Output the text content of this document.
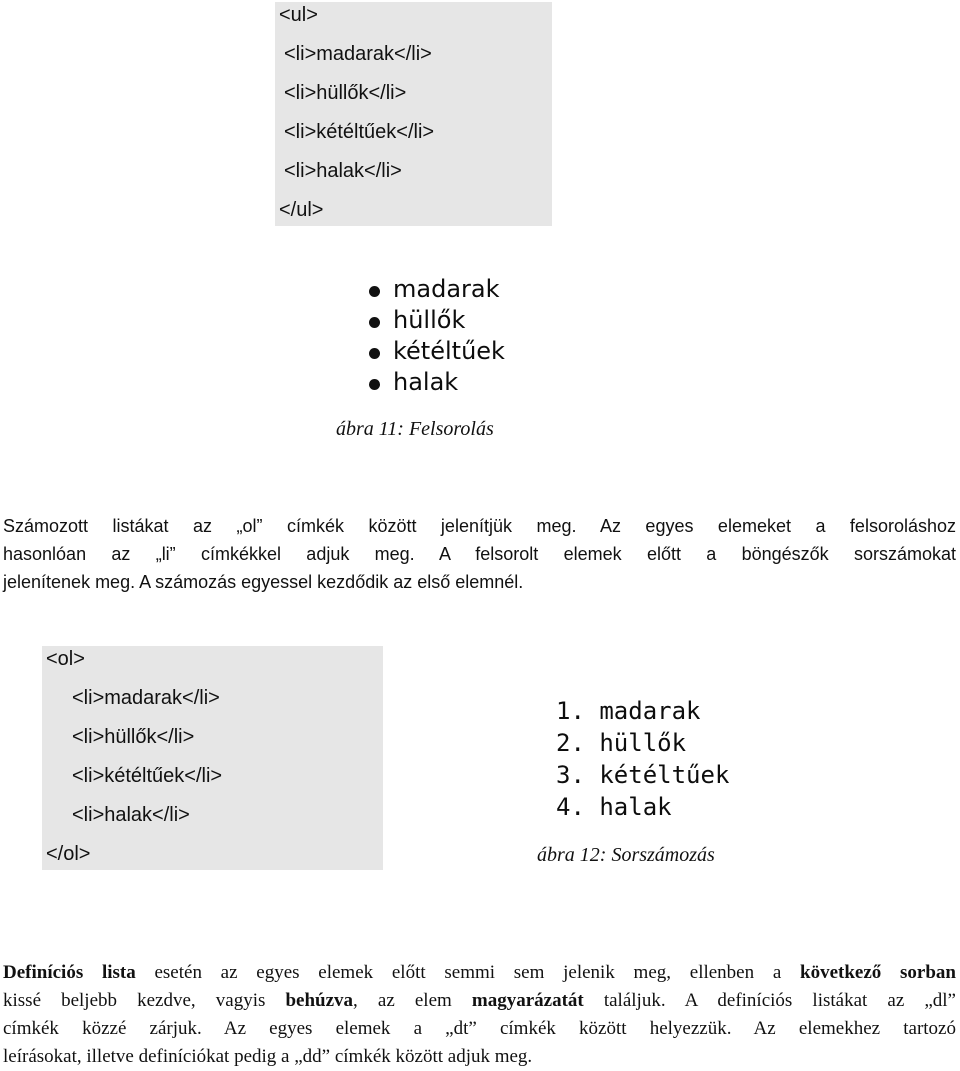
<ul>
<li>madarak</li>
<li>hüllők</li>
<li>kétéltűek</li>
<li>halak</li>
</ul>
madarak
hüllők
kétéltűek
halak
ábra 11: Felsorolás
Számozott listákat az „ol” címkék között jelenítjük meg. Az egyes elemeket a felsoroláshoz
hasonlóan az „li” címkékkel adjuk meg. A felsorolt elemek előtt a böngészők sorszámokat
jelenítenek meg. A számozás egyessel kezdődik az első elemnél.
<ol>
<li>madarak</li>
<li>hüllők</li>
<li>kétéltűek</li>
<li>halak</li>
</ol>
1. madarak
2. hüllők
3. kétéltűek
4. halak
ábra 12: Sorszámozás
Definíciós lista esetén az egyes elemek előtt semmi sem jelenik meg, ellenben a következő sorban
kissé beljebb kezdve, vagyis behúzva, az elem magyarázatát találjuk. A definíciós listákat az „dl”
címkék közzé zárjuk. Az egyes elemek a „dt” címkék között helyezzük. Az elemekhez tartozó
leírásokat, illetve definíciókat pedig a „dd” címkék között adjuk meg.
